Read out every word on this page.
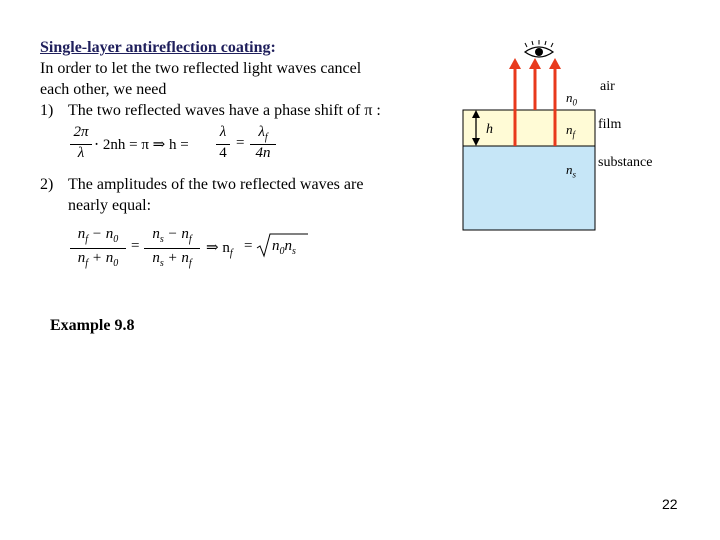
Single-layer antireflection coating:
In order to let the two reflected light waves cancel
each other, we need
1) The two reflected waves have a phase shift of π :
2π
λ ⋅ 2nh = π ⇒ h =
λ
4
=
$\lambda_f$
4n
2) The amplitudes of the two reflected waves are
nearly equal:
$n_f - n_0$
$n_f + n_0$
=
$n_s - n_f$
$n_s + n_f$
⇒ $n_f = n_0n_s$
Example 9.8
$n_0$
$n_f$
$n_s$
h
air
film
substance
22
